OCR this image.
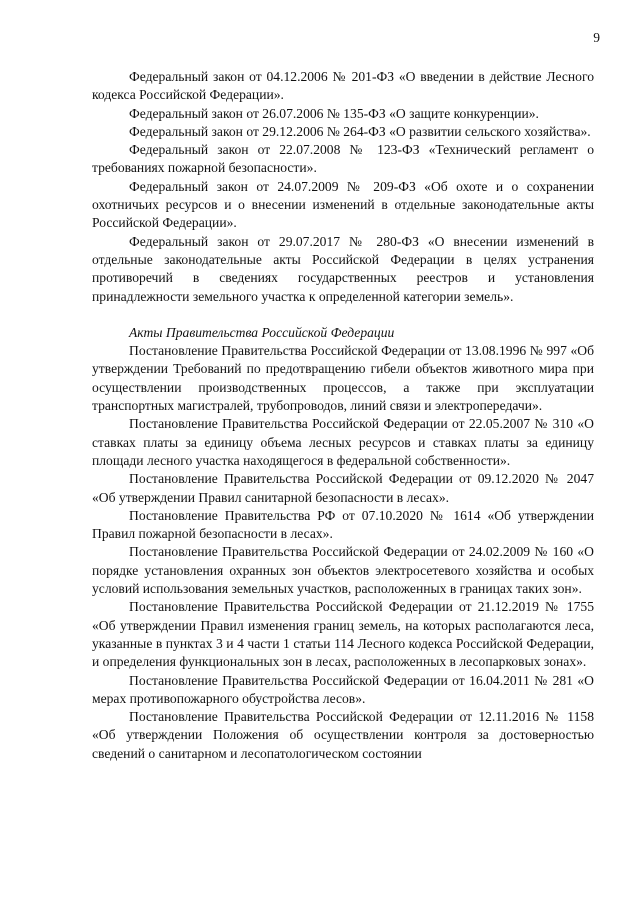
9

Федеральный закон от 04.12.2006 № 201-ФЗ «О введении в действие Лесного кодекса Российской Федерации».

Федеральный закон от 26.07.2006 № 135-ФЗ «О защите конкуренции».

Федеральный закон от 29.12.2006 № 264-ФЗ «О развитии сельского хозяйства».

Федеральный закон от 22.07.2008 № 123-ФЗ «Технический регламент о требованиях пожарной безопасности».

Федеральный закон от 24.07.2009 № 209-ФЗ «Об охоте и о сохранении охотничьих ресурсов и о внесении изменений в отдельные законодательные акты Российской Федерации».

Федеральный закон от 29.07.2017 № 280-ФЗ «О внесении изменений в отдельные законодательные акты Российской Федерации в целях устранения противоречий в сведениях государственных реестров и установления принадлежности земельного участка к определенной категории земель».

Акты Правительства Российской Федерации

Постановление Правительства Российской Федерации от 13.08.1996 № 997 «Об утверждении Требований по предотвращению гибели объектов животного мира при осуществлении производственных процессов, а также при эксплуатации транспортных магистралей, трубопроводов, линий связи и электропередачи».

Постановление Правительства Российской Федерации от 22.05.2007 № 310 «О ставках платы за единицу объема лесных ресурсов и ставках платы за единицу площади лесного участка находящегося в федеральной собственности».

Постановление Правительства Российской Федерации от 09.12.2020 № 2047 «Об утверждении Правил санитарной безопасности в лесах».

Постановление Правительства РФ от 07.10.2020 № 1614 «Об утверждении Правил пожарной безопасности в лесах».

Постановление Правительства Российской Федерации от 24.02.2009 № 160 «О порядке установления охранных зон объектов электросетевого хозяйства и особых условий использования земельных участков, расположенных в границах таких зон».

Постановление Правительства Российской Федерации от 21.12.2019 № 1755 «Об утверждении Правил изменения границ земель, на которых располагаются леса, указанные в пунктах 3 и 4 части 1 статьи 114 Лесного кодекса Российской Федерации, и определения функциональных зон в лесах, расположенных в лесопарковых зонах».

Постановление Правительства Российской Федерации от 16.04.2011 № 281 «О мерах противопожарного обустройства лесов».

Постановление Правительства Российской Федерации от 12.11.2016 № 1158 «Об утверждении Положения об осуществлении контроля за достоверностью сведений о санитарном и лесопатологическом состоянии
